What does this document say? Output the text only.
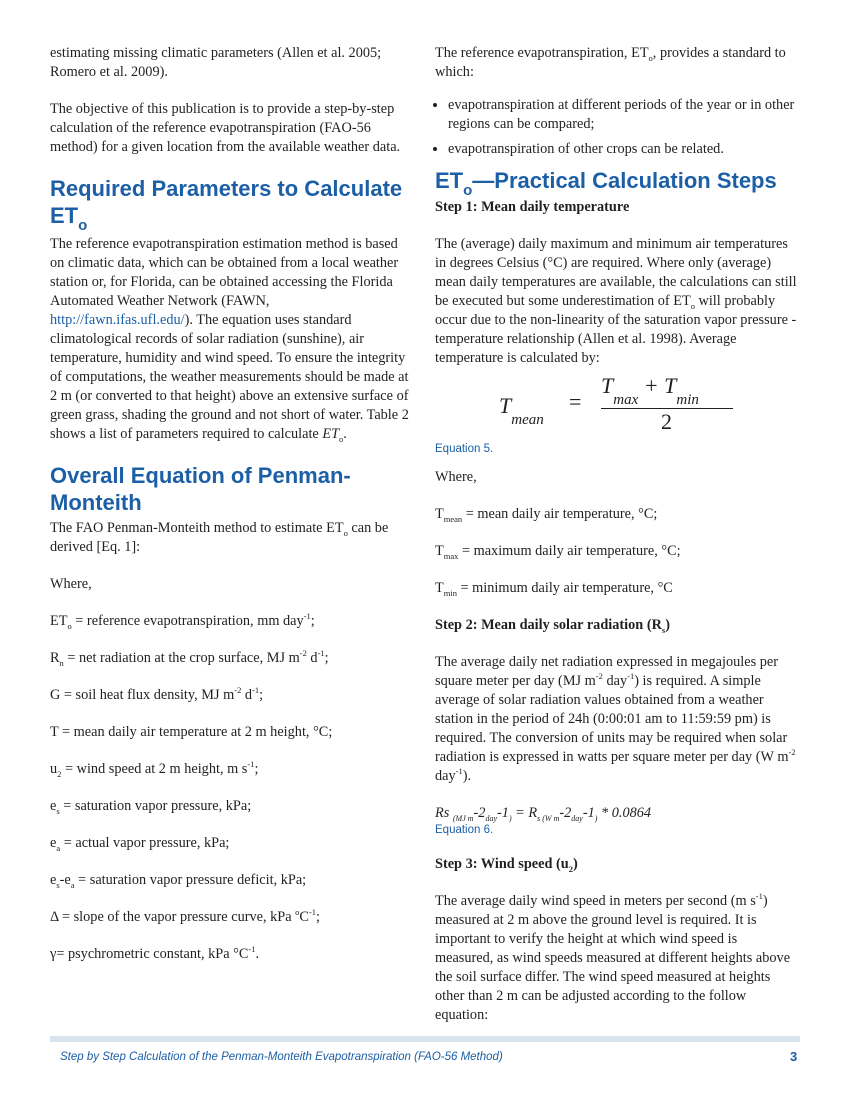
estimating missing climatic parameters (Allen et al. 2005; Romero et al. 2009).

The objective of this publication is to provide a step-by-step calculation of the reference evapotranspiration (FAO-56 method) for a given location from the available weather data.

Required Parameters to Calculate $ET_o$

The reference evapotranspiration estimation method is based on climatic data, which can be obtained from a local weather station or, for Florida, can be obtained accessing the Florida Automated Weather Network (FAWN, http://fawn.ifas.ufl.edu/). The equation uses standard climatological records of solar radiation (sunshine), air temperature, humidity and wind speed. To ensure the integrity of computations, the weather measurements should be made at 2 m (or converted to that height) above an extensive surface of green grass, shading the ground and not short of water. Table 2 shows a list of parameters required to calculate $ET_o$.

Overall Equation of Penman-Monteith

The FAO Penman-Monteith method to estimate $ET_o$ can be derived [Eq. 1]:

Where,

$ET_o$ = reference evapotranspiration, mm day$^{-1}$;

$R_n$ = net radiation at the crop surface, MJ $m^{-2}$ $d^{-1}$;

G = soil heat flux density, MJ $m^{-2}$ $d^{-1}$;

T = mean daily air temperature at 2 m height, °C;

$u_2$ = wind speed at 2 m height, m $s^{-1}$;

$e_s$ = saturation vapor pressure, kPa;

$e_a$ = actual vapor pressure, kPa;

$e_s-e_a$ = saturation vapor pressure deficit, kPa;

Δ = slope of the vapor pressure curve, kPa $^oC^{-1}$;

γ= psychrometric constant, kPa $^\circ C^{-1}$.

The reference evapotranspiration, $ET_o$, provides a standard to which:

• evapotranspiration at different periods of the year or in other regions can be compared;
• evapotranspiration of other crops can be related.
$ET_o—Practical$ Calculation Steps

Step 1: Mean daily temperature

The (average) daily maximum and minimum air temperatures in degrees Celsius (°C) are required. Where only (average) mean daily temperatures are available, the calculations can still be executed but some underestimation of $ET_o$ will probably occur due to the non-linearity of the saturation vapor pressure - temperature relationship (Allen et al. 1998). Average temperature is calculated by:

$T_{mean}$
=
$T_{max} + T_{min}$
2

Equation 5.

Where,

$T_{mean}$ = mean daily air temperature, °C;

$T_{max}$ = maximum daily air temperature, °C;

$T_{min}$ = minimum daily air temperature, °C

Step 2: Mean daily solar radiation $(R_s)$

The average daily net radiation expressed in megajoules per square meter per day (MJ $m^{-2}$ day$^{-1}$) is required. A simple average of solar radiation values obtained from a weather station in the period of 24h (0:00:01 am to 11:59:59 pm) is required. The conversion of units may be required when solar radiation is expressed in watts per square meter per day (W $m^{-2}$ day$^{-1}$).

Rs $_{(MJ m}-2_{day}-1_) = R_{s (W m}-2_{day}-1_) * 0.0864$

Equation 6.

Step 3: Wind speed $(u_2)$

The average daily wind speed in meters per second (m $s^{-1}$) measured at 2 m above the ground level is required. It is important to verify the height at which wind speed is measured, as wind speeds measured at different heights above the soil surface differ. The wind speed measured at heights other than 2 m can be adjusted according to the follow equation:

Step by Step Calculation of the Penman-Monteith Evapotranspiration (FAO-56 Method)	3
